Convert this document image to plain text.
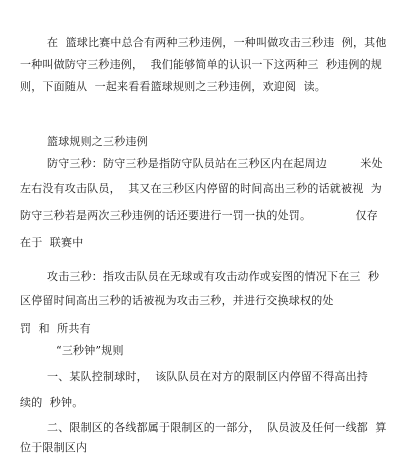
在  篮球比赛中总合有两种三秒违例，一种叫做攻击三秒违  例，其他
一种叫做防守三秒违例，  我们能够简单的认识一下这两种三  秒违例的规
则，下面随从  一起来看看篮球规则之三秒违例，欢迎阅  读。
篮球规则之三秒违例
防守三秒：防守三秒是指防守队员站在三秒区内在起周边         米处
左右没有攻击队员，  其又在三秒区内停留的时间高出三秒的话就被视  为
防守三秒若是两次三秒违例的话还要进行一罚一执的处罚。            仅存
在于  联赛中
攻击三秒：指攻击队员在无球或有攻击动作或妄图的情况下在三  秒
区停留时间高出三秒的话被视为攻击三秒，并进行交换球权的处
罚  和  所共有
“三秒钟”规则
一、某队控制球时，  该队队员在对方的限制区内停留不得高出持
续的  秒钟。
二、限制区的各线都属于限制区的一部分，  队员波及任何一线都  算
位于限制区内
